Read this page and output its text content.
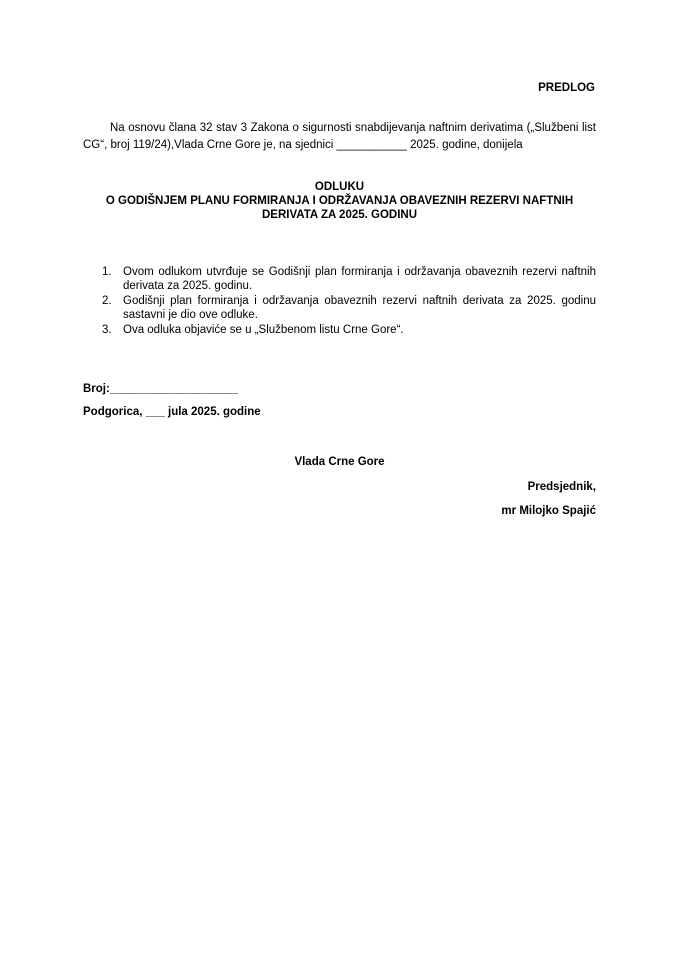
PREDLOG

Na osnovu člana 32 stav 3 Zakona o sigurnosti snabdijevanja naftnim derivatima („Službeni list CG“, broj 119/24),Vlada Crne Gore je, na sjednici ___________ 2025. godine, donijela

ODLUKU
O GODIŠNJEM PLANU FORMIRANJA I ODRŽAVANJA OBAVEZNIH REZERVI NAFTNIH
DERIVATA ZA 2025. GODINU
1. Ovom odlukom utvrđuje se Godišnji plan formiranja i održavanja obaveznih rezervi naftnih derivata za 2025. godinu.
2. Godišnji plan formiranja i održavanja obaveznih rezervi naftnih derivata za 2025. godinu sastavni je dio ove odluke.
3. Ova odluka objaviće se u „Službenom listu Crne Gore“.
Broj:____________________
Podgorica, ___ jula 2025. godine
Vlada Crne Gore
Predsjednik,
mr Milojko Spajić
